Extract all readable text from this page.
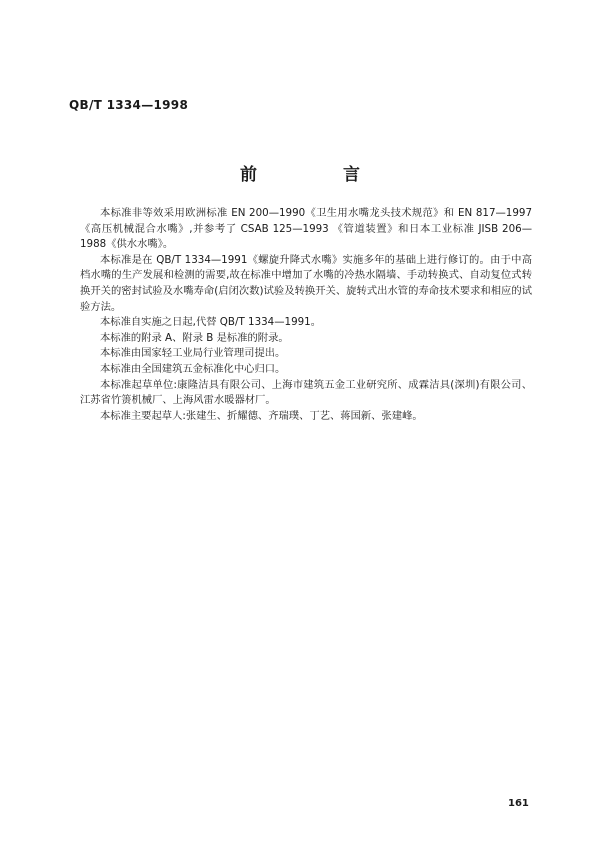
QB/T 1334—1998
前 言

本标准非等效采用欧洲标准 EN 200—1990《卫生用水嘴龙头技术规范》和 EN 817—1997《高压机械混合水嘴》,并参考了 CSAB 125—1993 《管道装置》和日本工业标准 JISB 206—1988《供水水嘴》。

本标准是在 QB/T 1334—1991《螺旋升降式水嘴》实施多年的基础上进行修订的。由于中高档水嘴的生产发展和检测的需要,故在标准中增加了水嘴的冷热水隔墙、手动转换式、自动复位式转换开关的密封试验及水嘴寿命(启闭次数)试验及转换开关、旋转式出水管的寿命技术要求和相应的试验方法。

本标准自实施之日起,代替 QB/T 1334—1991。

本标准的附录 A、附录 B 是标准的附录。

本标准由国家轻工业局行业管理司提出。

本标准由全国建筑五金标准化中心归口。

本标准起草单位:康隆洁具有限公司、上海市建筑五金工业研究所、成霖洁具(深圳)有限公司、江苏省竹箦机械厂、上海风雷水暖器材厂。

本标准主要起草人:张建生、折耀德、齐瑞璞、丁艺、蒋国新、张建峰。

161
